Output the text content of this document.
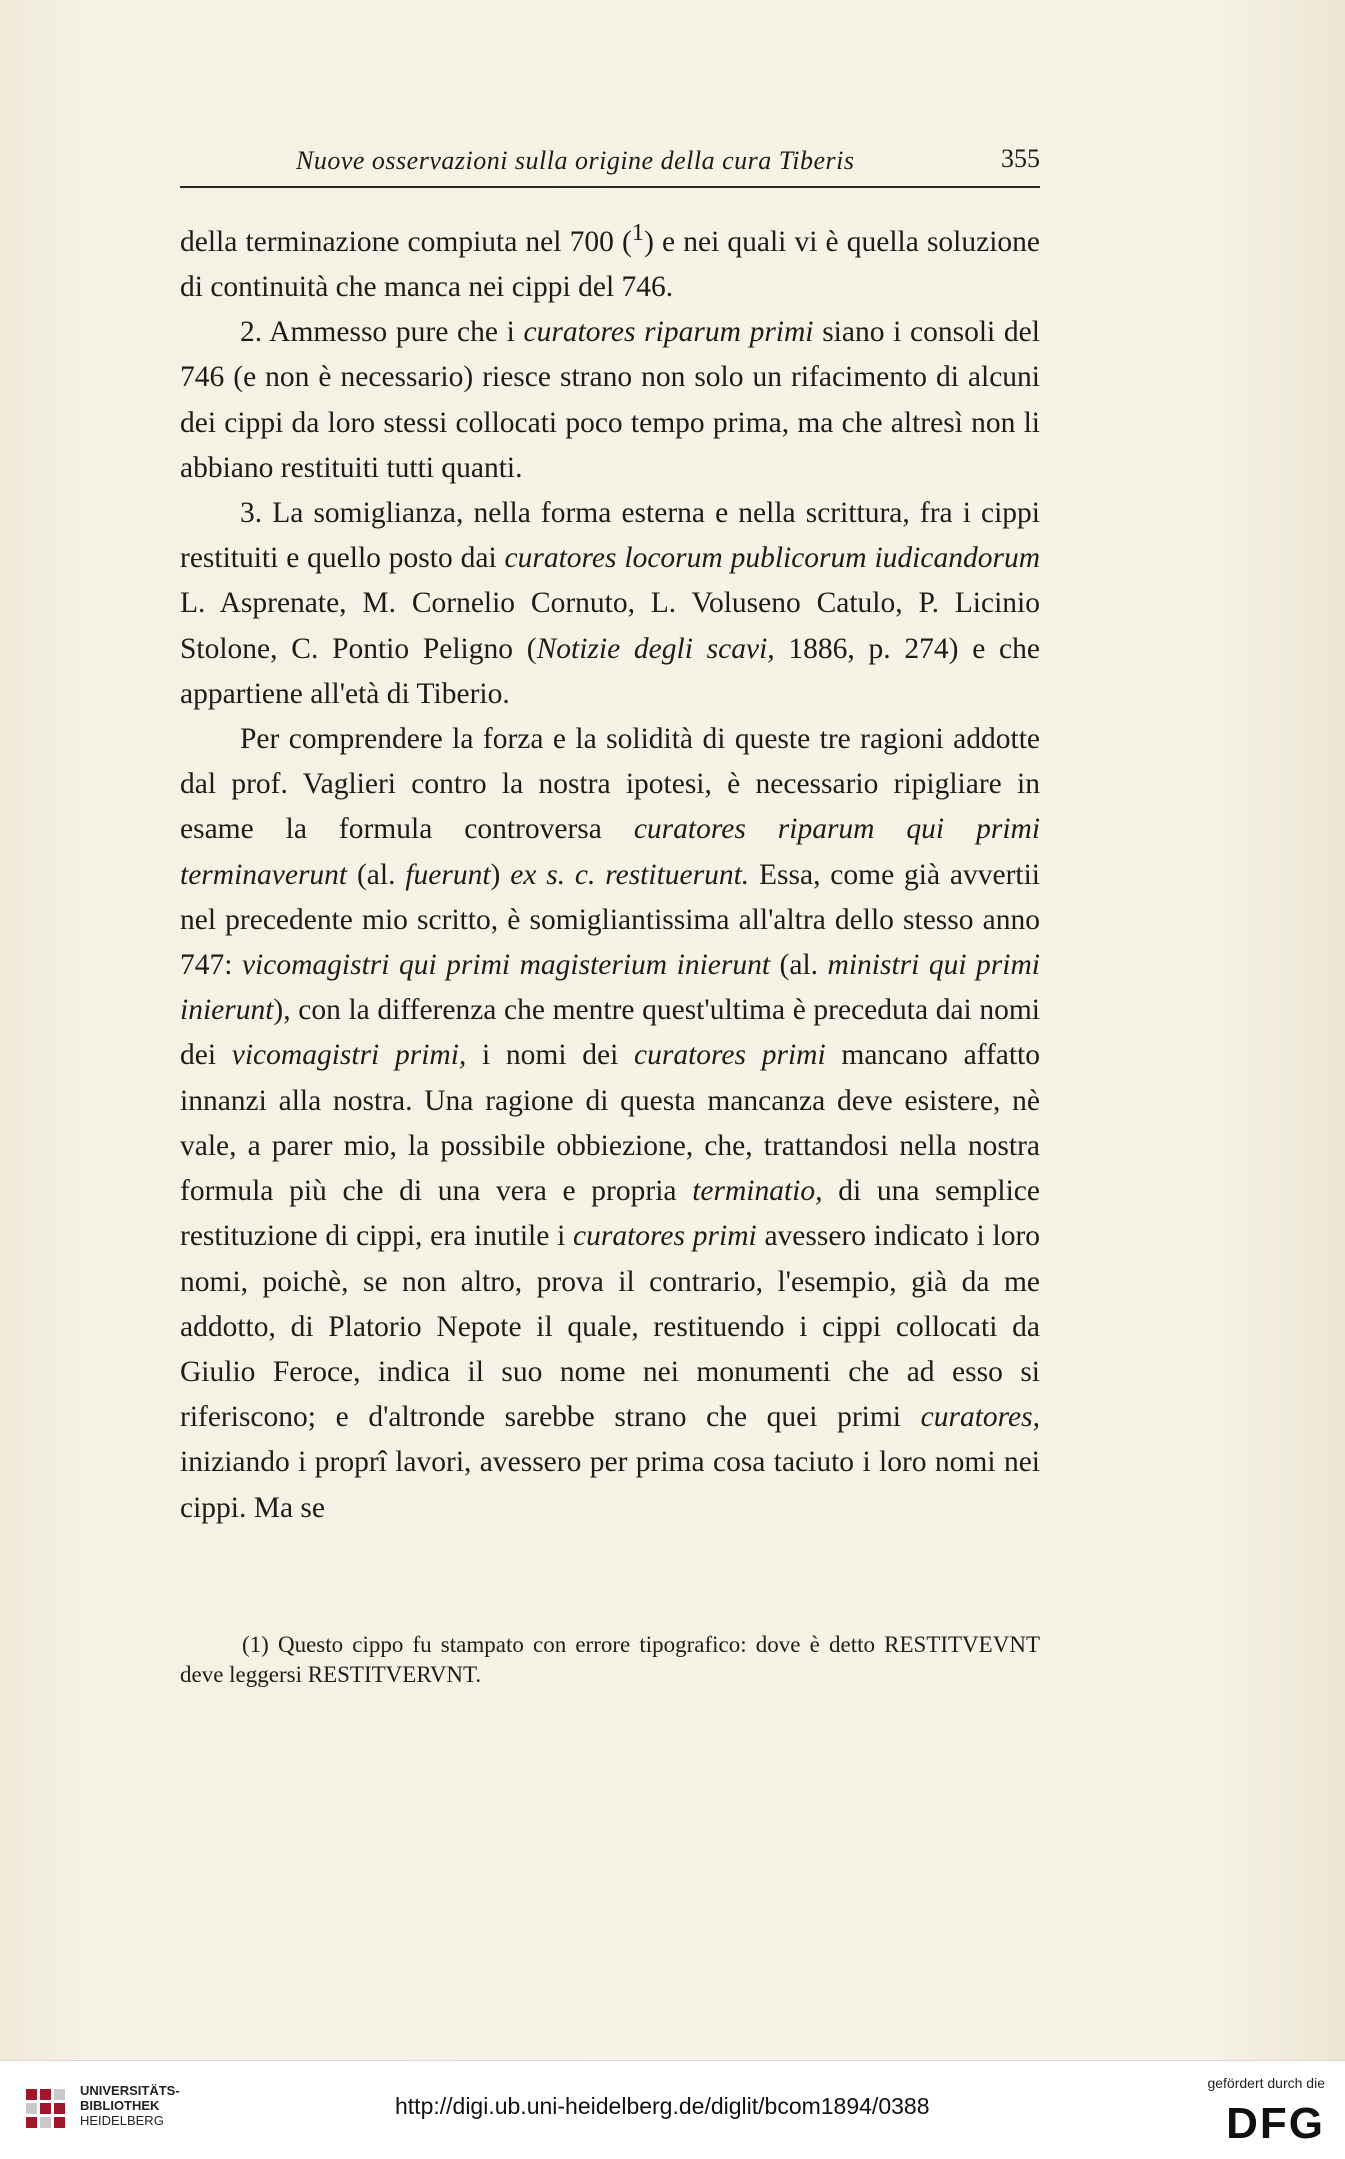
Nuove osservazioni sulla origine della cura Tiberis	355

della terminazione compiuta nel 700 ($^1$) e nei quali vi è quella soluzione di continuità che manca nei cippi del 746.

2. Ammesso pure che i curatores riparum primi siano i consoli del 746 (e non è necessario) riesce strano non solo un rifacimento di alcuni dei cippi da loro stessi collocati poco tempo prima, ma che altresì non li abbiano restituiti tutti quanti.

3. La somiglianza, nella forma esterna e nella scrittura, fra i cippi restituiti e quello posto dai curatores locorum publicorum iudicandorum L. Asprenate, M. Cornelio Cornuto, L. Voluseno Catulo, P. Licinio Stolone, C. Pontio Peligno (Notizie degli scavi, 1886, p. 274) e che appartiene all'età di Tiberio.

Per comprendere la forza e la solidità di queste tre ragioni addotte dal prof. Vaglieri contro la nostra ipotesi, è necessario ripigliare in esame la formula controversa curatores riparum qui primi terminaverunt (al. fuerunt) ex s. c. restituerunt. Essa, come già avvertii nel precedente mio scritto, è somigliantissima all'altra dello stesso anno 747: vicomagistri qui primi magisterium inierunt (al. ministri qui primi inierunt), con la differenza che mentre quest'ultima è preceduta dai nomi dei vicomagistri primi, i nomi dei curatores primi mancano affatto innanzi alla nostra. Una ragione di questa mancanza deve esistere, nè vale, a parer mio, la possibile obbiezione, che, trattandosi nella nostra formula più che di una vera e propria terminatio, di una semplice restituzione di cippi, era inutile i curatores primi avessero indicato i loro nomi, poichè, se non altro, prova il contrario, l'esempio, già da me addotto, di Platorio Nepote il quale, restituendo i cippi collocati da Giulio Feroce, indica il suo nome nei monumenti che ad esso si riferiscono; e d'altronde sarebbe strano che quei primi curatores, iniziando i proprî lavori, avessero per prima cosa taciuto i loro nomi nei cippi. Ma se

(1) Questo cippo fu stampato con errore tipografico: dove è detto RESTITVEVNT deve leggersi RESTITVERVNT.

UNIVERSITÄTS-
BIBLIOTHEK
HEIDELBERG
http://digi.ub.uni-heidelberg.de/diglit/bcom1894/0388
gefördert durch die
DFG
